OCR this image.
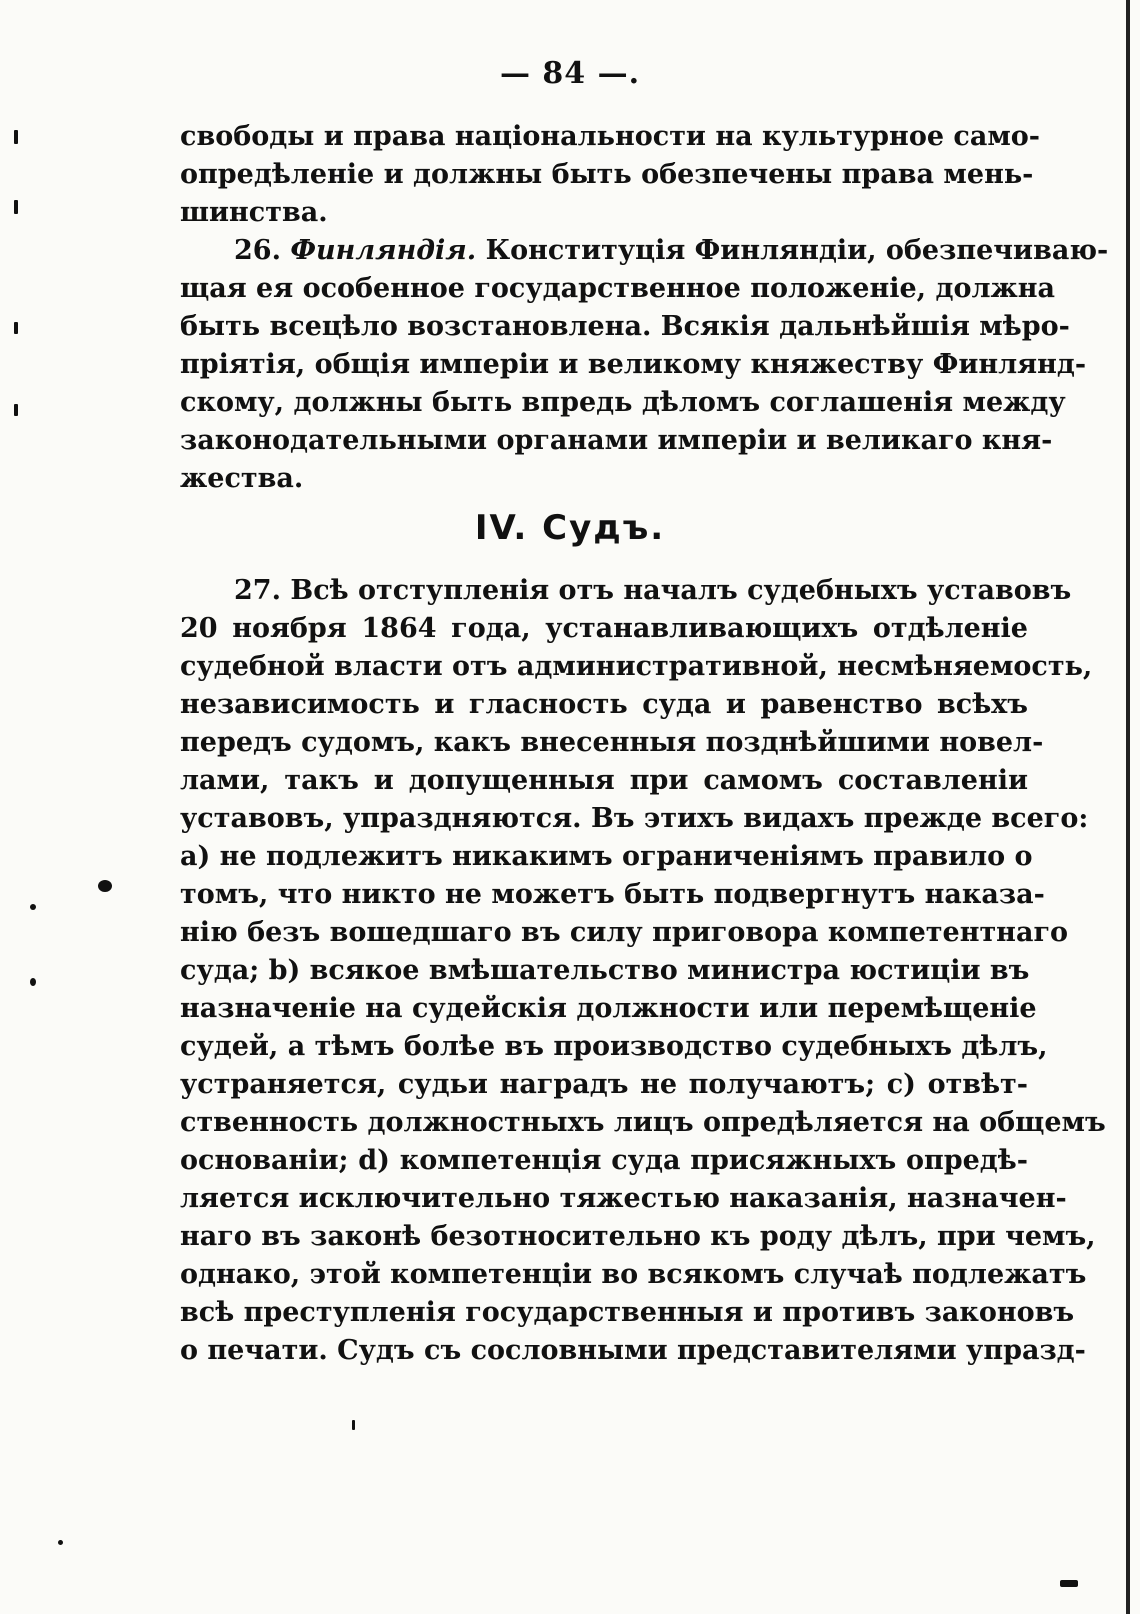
— 84 —.
свободы и права національности на культурное само-
опредѣленіе и должны быть обезпечены права мень-
шинства.
26. Финляндія. Конституція Финляндіи, обезпечиваю-
щая ея особенное государственное положеніе, должна
быть всецѣло возстановлена. Всякія дальнѣйшія мѣро-
пріятія, общія имперіи и великому княжеству Финлянд-
скому, должны быть впредь дѣломъ соглашенія между
законодательными органами имперіи и великаго кня-
жества.
IV. Судъ.
27. Всѣ отступленія отъ началъ судебныхъ уставовъ
20 ноября 1864 года, устанавливающихъ отдѣленіе
судебной власти отъ административной, несмѣняемость,
независимость и гласность суда и равенство всѣхъ
передъ судомъ, какъ внесенныя позднѣйшими новел-
лами, такъ и допущенныя при самомъ составленіи
уставовъ, упраздняются. Въ этихъ видахъ прежде всего:
a) не подлежитъ никакимъ ограниченіямъ правило о
томъ, что никто не можетъ быть подвергнутъ наказа-
нію безъ вошедшаго въ силу приговора компетентнаго
суда; b) всякое вмѣшательство министра юстиціи въ
назначеніе на судейскія должности или перемѣщеніе
судей, а тѣмъ болѣе въ производство судебныхъ дѣлъ,
устраняется, судьи наградъ не получаютъ; c) отвѣт-
ственность должностныхъ лицъ опредѣляется на общемъ
основаніи; d) компетенція суда присяжныхъ опредѣ-
ляется исключительно тяжестью наказанія, назначен-
наго въ законѣ безотносительно къ роду дѣлъ, при чемъ,
однако, этой компетенціи во всякомъ случаѣ подлежатъ
всѣ преступленія государственныя и противъ законовъ
о печати. Судъ съ сословными представителями упразд-
